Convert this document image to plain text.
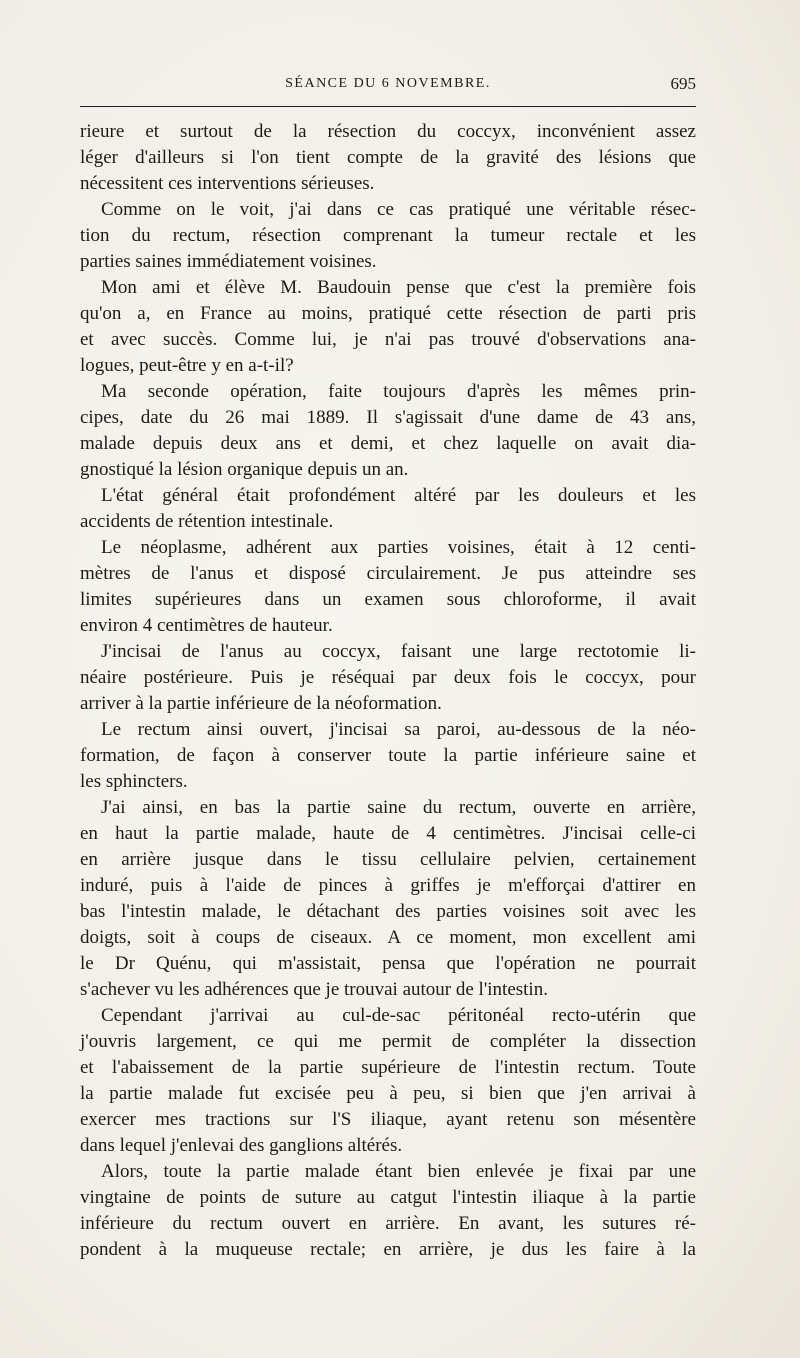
SÉANCE DU 6 NOVEMBRE.	695
rieure et surtout de la résection du coccyx, inconvénient assez
léger d'ailleurs si l'on tient compte de la gravité des lésions que
nécessitent ces interventions sérieuses.
Comme on le voit, j'ai dans ce cas pratiqué une véritable résec-
tion du rectum, résection comprenant la tumeur rectale et les
parties saines immédiatement voisines.
Mon ami et élève M. Baudouin pense que c'est la première fois
qu'on a, en France au moins, pratiqué cette résection de parti pris
et avec succès. Comme lui, je n'ai pas trouvé d'observations ana-
logues, peut-être y en a-t-il?
Ma seconde opération, faite toujours d'après les mêmes prin-
cipes, date du 26 mai 1889. Il s'agissait d'une dame de 43 ans,
malade depuis deux ans et demi, et chez laquelle on avait dia-
gnostiqué la lésion organique depuis un an.
L'état général était profondément altéré par les douleurs et les
accidents de rétention intestinale.
Le néoplasme, adhérent aux parties voisines, était à 12 centi-
mètres de l'anus et disposé circulairement. Je pus atteindre ses
limites supérieures dans un examen sous chloroforme, il avait
environ 4 centimètres de hauteur.
J'incisai de l'anus au coccyx, faisant une large rectotomie li-
néaire postérieure. Puis je réséquai par deux fois le coccyx, pour
arriver à la partie inférieure de la néoformation.
Le rectum ainsi ouvert, j'incisai sa paroi, au-dessous de la néo-
formation, de façon à conserver toute la partie inférieure saine et
les sphincters.
J'ai ainsi, en bas la partie saine du rectum, ouverte en arrière,
en haut la partie malade, haute de 4 centimètres. J'incisai celle-ci
en arrière jusque dans le tissu cellulaire pelvien, certainement
induré, puis à l'aide de pinces à griffes je m'efforçai d'attirer en
bas l'intestin malade, le détachant des parties voisines soit avec les
doigts, soit à coups de ciseaux. A ce moment, mon excellent ami
le Dr Quénu, qui m'assistait, pensa que l'opération ne pourrait
s'achever vu les adhérences que je trouvai autour de l'intestin.
Cependant j'arrivai au cul-de-sac péritonéal recto-utérin que
j'ouvris largement, ce qui me permit de compléter la dissection
et l'abaissement de la partie supérieure de l'intestin rectum. Toute
la partie malade fut excisée peu à peu, si bien que j'en arrivai à
exercer mes tractions sur l'S iliaque, ayant retenu son mésentère
dans lequel j'enlevai des ganglions altérés.
Alors, toute la partie malade étant bien enlevée je fixai par une
vingtaine de points de suture au catgut l'intestin iliaque à la partie
inférieure du rectum ouvert en arrière. En avant, les sutures ré-
pondent à la muqueuse rectale; en arrière, je dus les faire à la
